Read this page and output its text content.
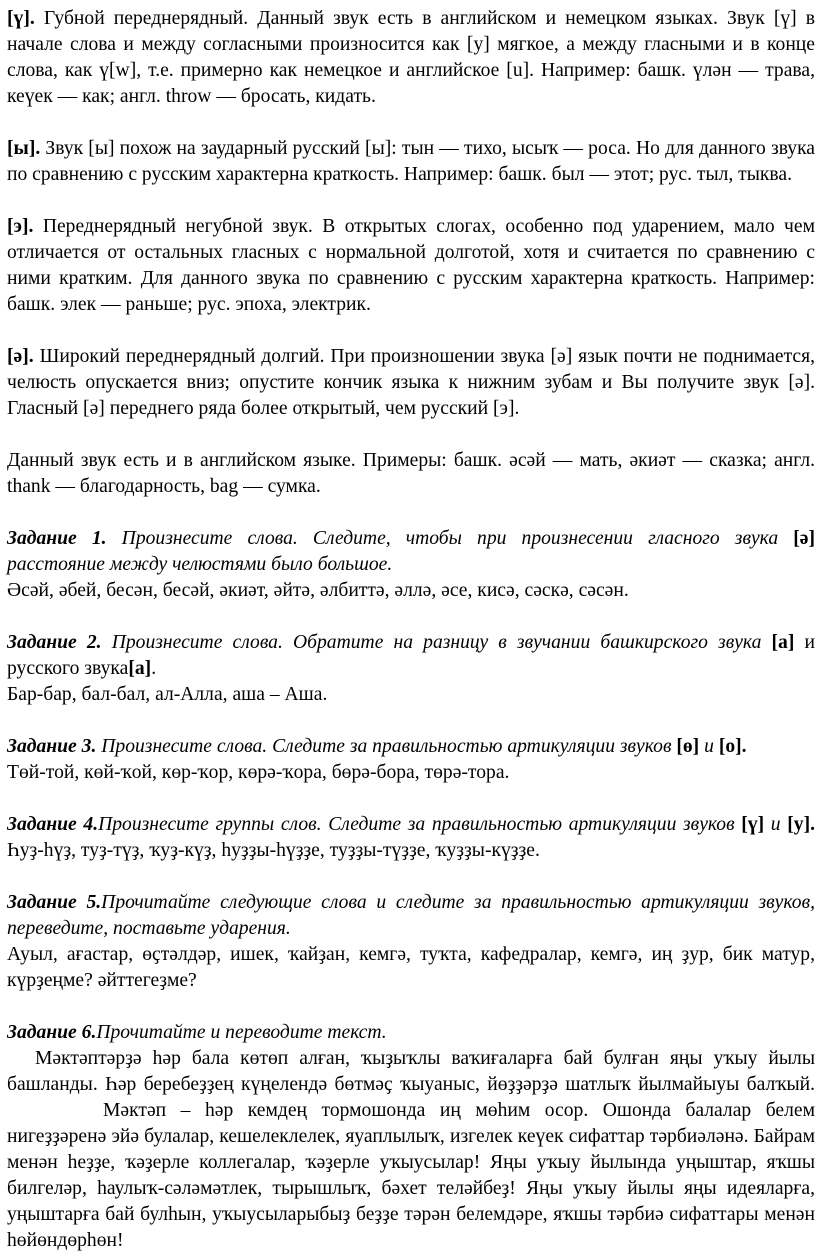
[ү]. Губной переднерядный. Данный звук есть в английском и немецком языках. Звук [ү] в начале слова и между согласными произносится как [у] мягкое, а между гласными и в конце слова, как ү[w], т.е. примерно как немецкое и английское [u]. Например: башк. үлән — трава, кеүек — как; англ. throw — бросать, кидать.

[ы]. Звук [ы] похож на заударный русский [ы]: тын — тихо, ысыҡ — роса. Но для данного звука по сравнению с русским характерна краткость. Например: башк. был — этот; рус. тыл, тыква.

[э]. Переднерядный негубной звук. В открытых слогах, особенно под ударением, мало чем отличается от остальных гласных с нормальной долготой, хотя и считается по сравнению с ними кратким. Для данного звука по сравнению с русским характерна краткость. Например: башк. элек — раньше; рус. эпоха, электрик.

[ә]. Широкий переднерядный долгий. При произношении звука [ә] язык почти не поднимается, челюсть опускается вниз; опустите кончик языка к нижним зубам и Вы получите звук [ә]. Гласный [ә] переднего ряда более открытый, чем русский [э].

Данный звук есть и в английском языке. Примеры: башк. әсәй — мать, әкиәт — сказка; англ. thank — благодарность, bag — сумка.

Задание 1. Произнесите слова. Следите, чтобы при произнесении гласного звука [ә] расстояние между челюстями было большое.

Әсәй, әбей, бесән, бесәй, әкиәт, әйтә, әлбиттә, әллә, әсе, кисә, сәскә, сәсән.

Задание 2. Произнесите слова. Обратите на разницу в звучании башкирского звука [а] и русского звука[а].

Бар-бар, бал-бал, ал-Алла, аша – Аша.

Задание 3. Произнесите слова. Следите за правильностью артикуляции звуков [ө] и [о].

Төй-той, көй-ҡой, көр-ҡор, көрә-ҡора, бөрә-бора, төрә-тора.

Задание 4.Произнесите группы слов. Следите за правильностью артикуляции звуков [ү] и [у]. Һуҙ-һүҙ, туҙ-түҙ, ҡуҙ-күҙ, һуҙҙы-һүҙҙе, туҙҙы-түҙҙе, ҡуҙҙы-күҙҙе.

Задание 5.Прочитайте следующие слова и следите за правильностью артикуляции звуков, переведите, поставьте ударения.

Ауыл, ағастар, өҫтәлдәр, ишек, ҡайҙан, кемгә, туҡта, кафедралар, кемгә, иң ҙур, бик матур, күрҙеңме? әйттегеҙме?

Задание 6.Прочитайте и переводите текст.

Мәктәптәрҙә һәр бала көтөп алған, ҡыҙыҡлы ваҡиғаларға бай булған яңы уҡыу йылы башланды. Һәр беребеҙҙең күңелендә бөтмәҫ ҡыуаныс, йөҙҙәрҙә шатлыҡ йылмайыуы балҡый.Мәктәп – һәр кемдең тормошонда иң мөһим осор. Ошонда балалар белем нигеҙҙәренә эйә булалар, кешелеклелек, яуаплылыҡ, изгелек кеүек сифаттар тәрбиәләнә. Байрам менән һеҙҙе, ҡәҙерле коллегалар, ҡәҙерле уҡыусылар! Яңы уҡыу йылында уңыштар, яҡшы билгеләр, һаулыҡ-сәләмәтлек, тырышлыҡ, бәхет теләйбеҙ! Яңы уҡыу йылы яңы идеяларға, уңыштарға бай булһын, уҡыусыларыбыҙ беҙҙе тәрән белемдәре, яҡшы тәрбиә сифаттары менән һөйөндөрһөн!
